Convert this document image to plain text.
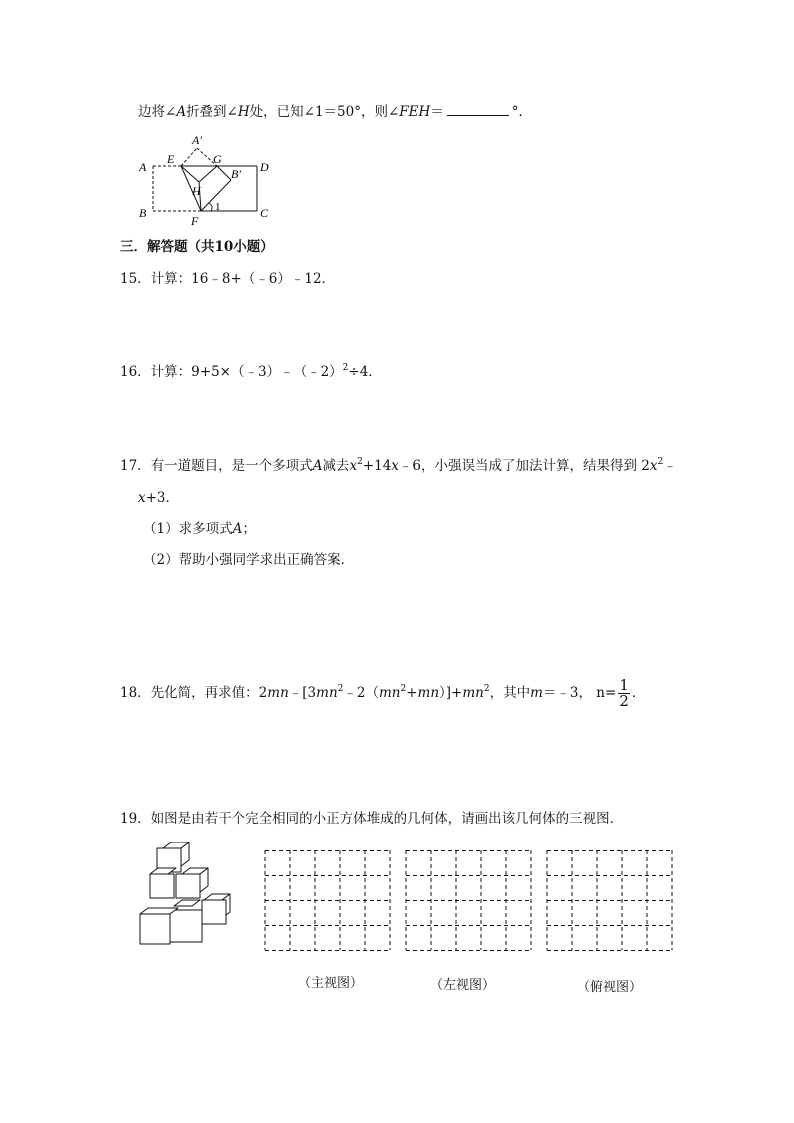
边将∠A折叠到∠H处，已知∠1＝50°，则∠FEH＝	°．
A′
A
E	G
D
B′
H
B
F
1	C
三．解答题（共10小题）
15．计算：16﹣8+（﹣6）﹣12．
16．计算：9+5×（﹣3）﹣（﹣2）$^2$÷4．
17．有一道题目，是一个多项式A减去$x^2+14x﹣6$，小强误当成了加法计算，结果得到 $2x^2﹣$
x+3．
（1）求多项式A；
（2）帮助小强同学求出正确答案．
18．先化简，再求值：$2mn﹣[3mn^2﹣2(mn^2+mn)]+mn^2$，其中m＝﹣3， $n= \frac{1}{2}$ ．
19．如图是由若干个完全相同的小正方体堆成的几何体，请画出该几何体的三视图．
（主视图）	（左视图）	（俯视图）
